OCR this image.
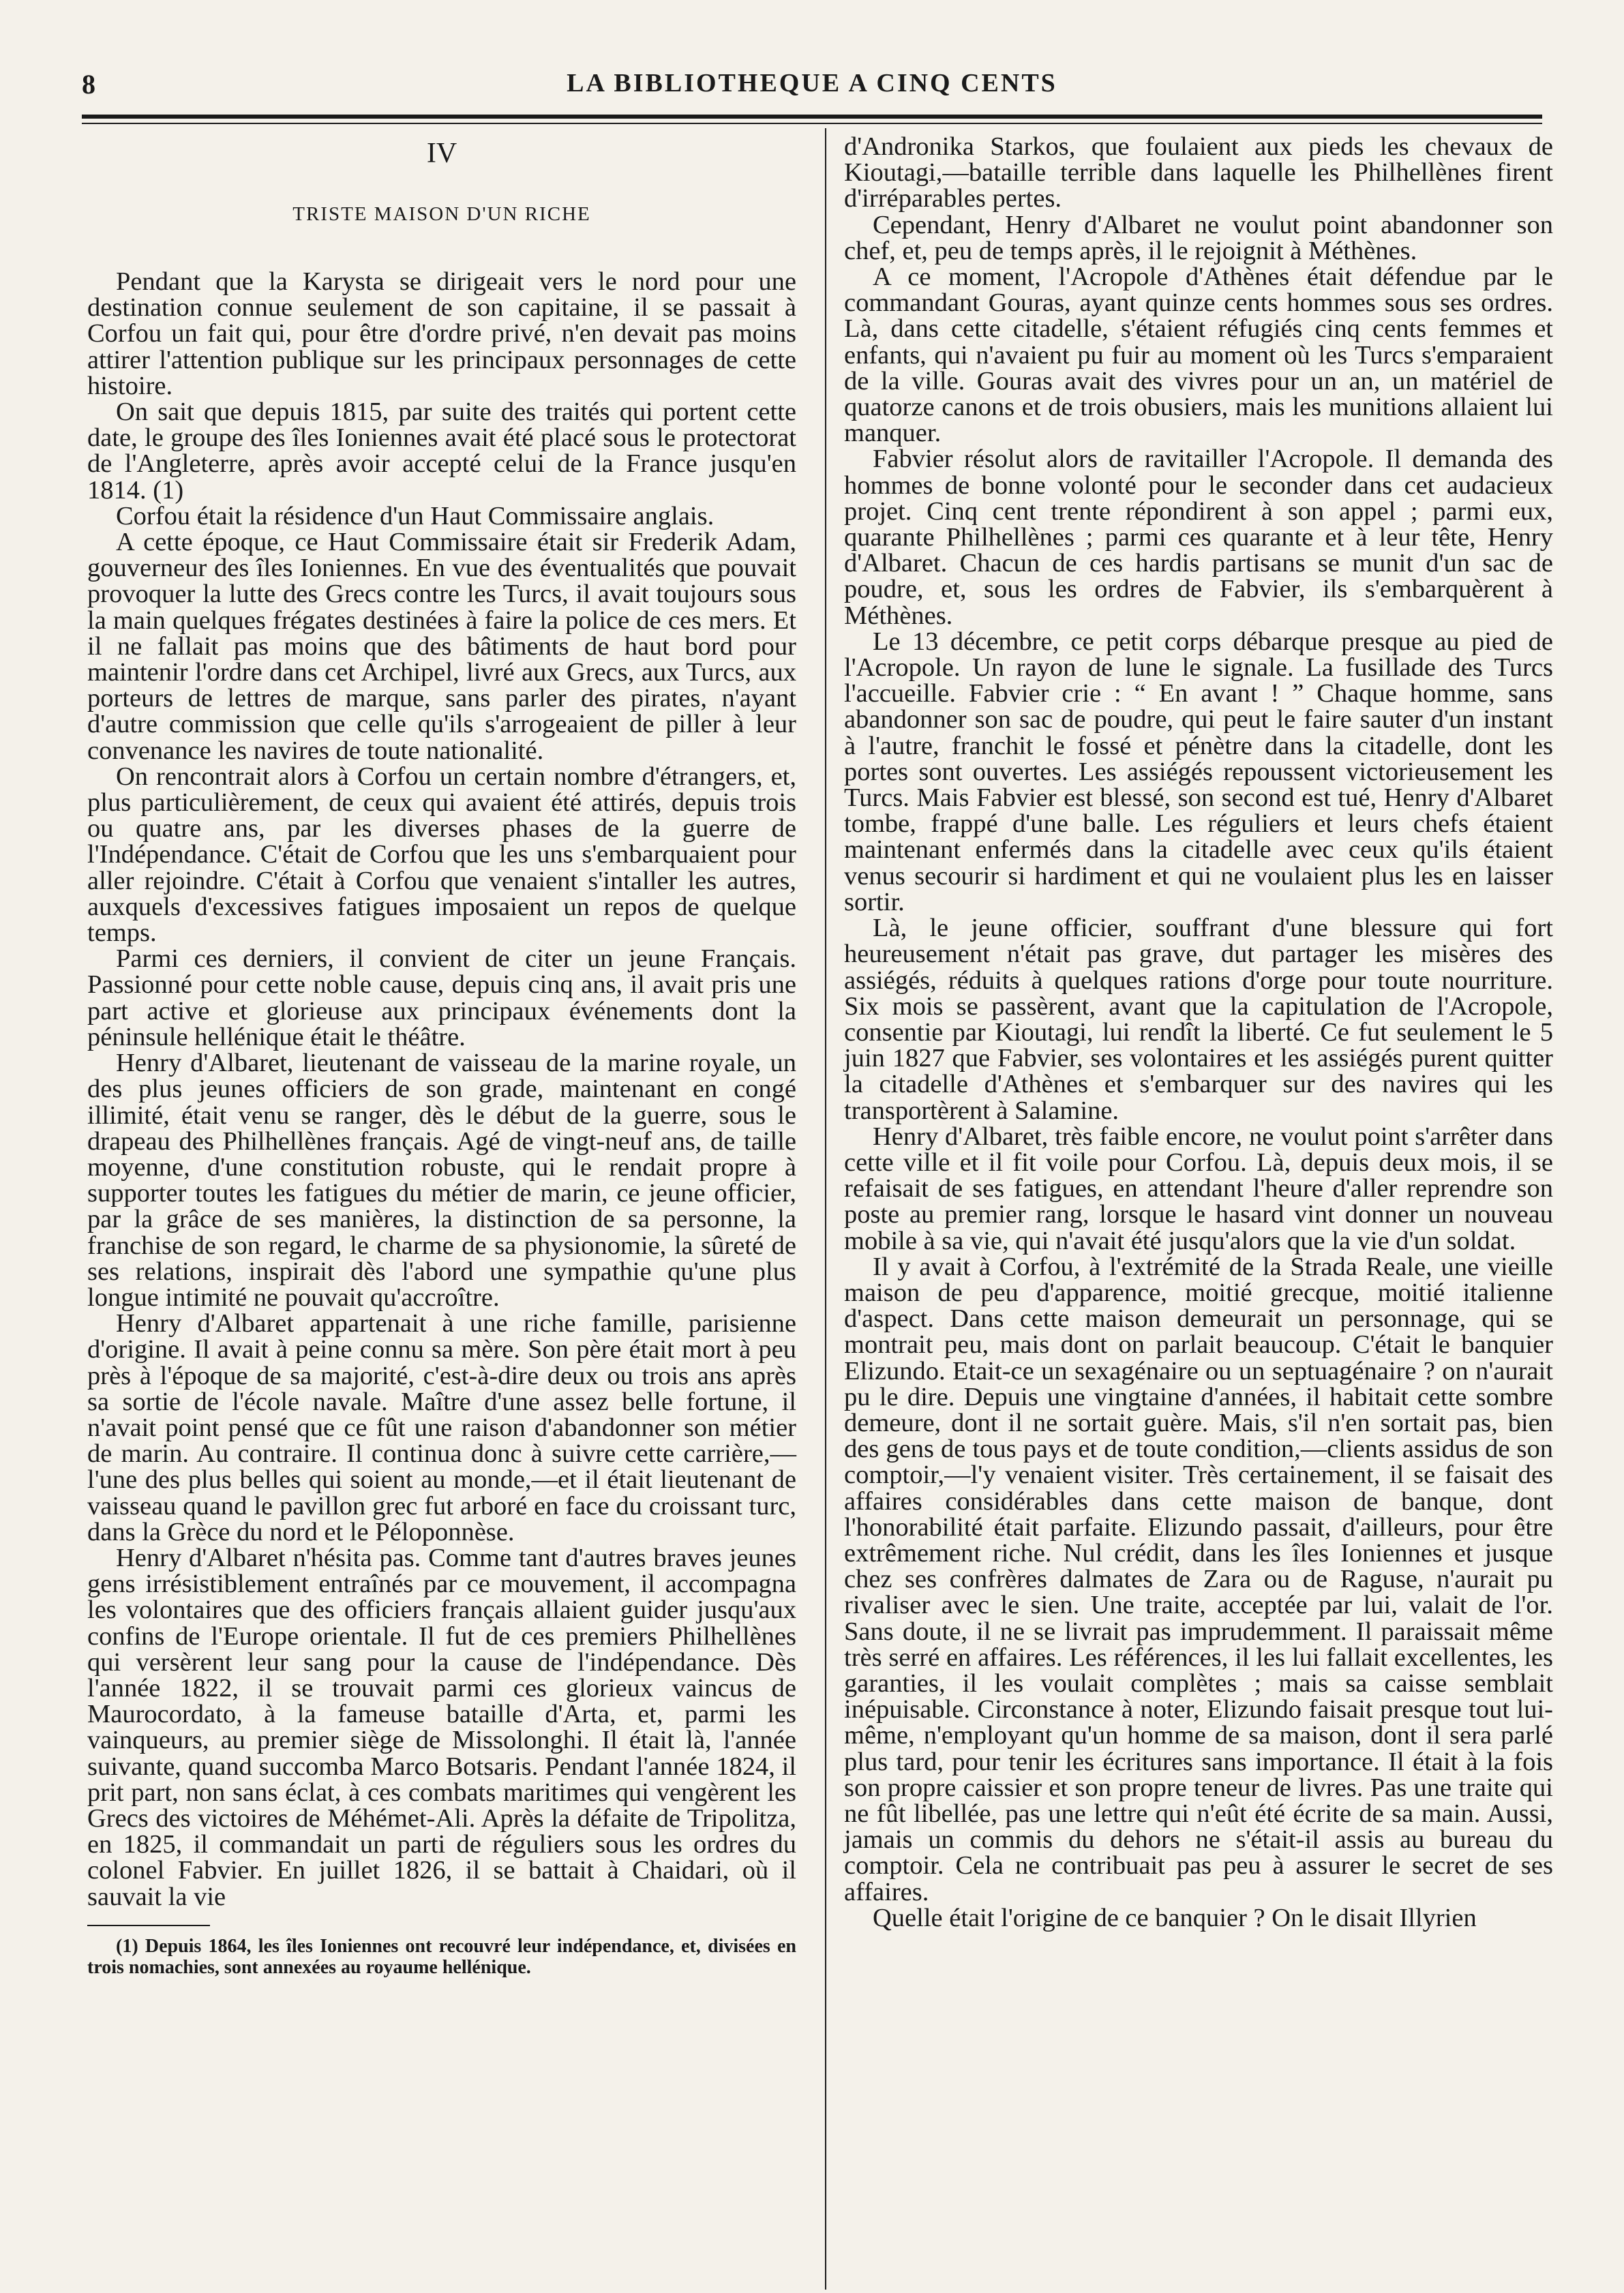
8	LA BIBLIOTHEQUE A CINQ CENTS
IV
TRISTE MAISON D'UN RICHE

Pendant que la Karysta se dirigeait vers le nord pour une destination connue seulement de son capitaine, il se passait à Corfou un fait qui, pour être d'ordre privé, n'en devait pas moins attirer l'attention publique sur les principaux personnages de cette histoire.

On sait que depuis 1815, par suite des traités qui portent cette date, le groupe des îles Ioniennes avait été placé sous le protectorat de l'Angleterre, après avoir accepté celui de la France jusqu'en 1814. (1)

Corfou était la résidence d'un Haut Commissaire anglais.

A cette époque, ce Haut Commissaire était sir Frederik Adam, gouverneur des îles Ioniennes. En vue des éventualités que pouvait provoquer la lutte des Grecs contre les Turcs, il avait toujours sous la main quelques frégates destinées à faire la police de ces mers. Et il ne fallait pas moins que des bâtiments de haut bord pour maintenir l'ordre dans cet Archipel, livré aux Grecs, aux Turcs, aux porteurs de lettres de marque, sans parler des pirates, n'ayant d'autre commission que celle qu'ils s'arrogeaient de piller à leur convenance les navires de toute nationalité.

On rencontrait alors à Corfou un certain nombre d'étrangers, et, plus particulièrement, de ceux qui avaient été attirés, depuis trois ou quatre ans, par les diverses phases de la guerre de l'Indépendance. C'était de Corfou que les uns s'embarquaient pour aller rejoindre. C'était à Corfou que venaient s'intaller les autres, auxquels d'excessives fatigues imposaient un repos de quelque temps.

Parmi ces derniers, il convient de citer un jeune Français. Passionné pour cette noble cause, depuis cinq ans, il avait pris une part active et glorieuse aux principaux événements dont la péninsule hellénique était le théâtre.

Henry d'Albaret, lieutenant de vaisseau de la marine royale, un des plus jeunes officiers de son grade, maintenant en congé illimité, était venu se ranger, dès le début de la guerre, sous le drapeau des Philhellènes français. Agé de vingt-neuf ans, de taille moyenne, d'une constitution robuste, qui le rendait propre à supporter toutes les fatigues du métier de marin, ce jeune officier, par la grâce de ses manières, la distinction de sa personne, la franchise de son regard, le charme de sa physionomie, la sûreté de ses relations, inspirait dès l'abord une sympathie qu'une plus longue intimité ne pouvait qu'accroître.

Henry d'Albaret appartenait à une riche famille, parisienne d'origine. Il avait à peine connu sa mère. Son père était mort à peu près à l'époque de sa majorité, c'est-à-dire deux ou trois ans après sa sortie de l'école navale. Maître d'une assez belle fortune, il n'avait point pensé que ce fût une raison d'abandonner son métier de marin. Au contraire. Il continua donc à suivre cette carrière,—l'une des plus belles qui soient au monde,—et il était lieutenant de vaisseau quand le pavillon grec fut arboré en face du croissant turc, dans la Grèce du nord et le Péloponnèse.

Henry d'Albaret n'hésita pas. Comme tant d'autres braves jeunes gens irrésistiblement entraînés par ce mouvement, il accompagna les volontaires que des officiers français allaient guider jusqu'aux confins de l'Europe orientale. Il fut de ces premiers Philhellènes qui versèrent leur sang pour la cause de l'indépendance. Dès l'année 1822, il se trouvait parmi ces glorieux vaincus de Maurocordato, à la fameuse bataille d'Arta, et, parmi les vainqueurs, au premier siège de Missolonghi. Il était là, l'année suivante, quand succomba Marco Botsaris. Pendant l'année 1824, il prit part, non sans éclat, à ces combats maritimes qui vengèrent les Grecs des victoires de Méhémet-Ali. Après la défaite de Tripolitza, en 1825, il commandait un parti de réguliers sous les ordres du colonel Fabvier. En juillet 1826, il se battait à Chaidari, où il sauvait la vie

(1) Depuis 1864, les îles Ioniennes ont recouvré leur indépendance, et, divisées en trois nomachies, sont annexées au royaume hellénique.

d'Andronika Starkos, que foulaient aux pieds les chevaux de Kioutagi,—bataille terrible dans laquelle les Philhellènes firent d'irréparables pertes.

Cependant, Henry d'Albaret ne voulut point abandonner son chef, et, peu de temps après, il le rejoignit à Méthènes.

A ce moment, l'Acropole d'Athènes était défendue par le commandant Gouras, ayant quinze cents hommes sous ses ordres. Là, dans cette citadelle, s'étaient réfugiés cinq cents femmes et enfants, qui n'avaient pu fuir au moment où les Turcs s'emparaient de la ville. Gouras avait des vivres pour un an, un matériel de quatorze canons et de trois obusiers, mais les munitions allaient lui manquer.

Fabvier résolut alors de ravitailler l'Acropole. Il demanda des hommes de bonne volonté pour le seconder dans cet audacieux projet. Cinq cent trente répondirent à son appel ; parmi eux, quarante Philhellènes ; parmi ces quarante et à leur tête, Henry d'Albaret. Chacun de ces hardis partisans se munit d'un sac de poudre, et, sous les ordres de Fabvier, ils s'embarquèrent à Méthènes.

Le 13 décembre, ce petit corps débarque presque au pied de l'Acropole. Un rayon de lune le signale. La fusillade des Turcs l'accueille. Fabvier crie : “ En avant ! ” Chaque homme, sans abandonner son sac de poudre, qui peut le faire sauter d'un instant à l'autre, franchit le fossé et pénètre dans la citadelle, dont les portes sont ouvertes. Les assiégés repoussent victorieusement les Turcs. Mais Fabvier est blessé, son second est tué, Henry d'Albaret tombe, frappé d'une balle. Les réguliers et leurs chefs étaient maintenant enfermés dans la citadelle avec ceux qu'ils étaient venus secourir si hardiment et qui ne voulaient plus les en laisser sortir.

Là, le jeune officier, souffrant d'une blessure qui fort heureusement n'était pas grave, dut partager les misères des assiégés, réduits à quelques rations d'orge pour toute nourriture. Six mois se passèrent, avant que la capitulation de l'Acropole, consentie par Kioutagi, lui rendît la liberté. Ce fut seulement le 5 juin 1827 que Fabvier, ses volontaires et les assiégés purent quitter la citadelle d'Athènes et s'embarquer sur des navires qui les transportèrent à Salamine.

Henry d'Albaret, très faible encore, ne voulut point s'arrêter dans cette ville et il fit voile pour Corfou. Là, depuis deux mois, il se refaisait de ses fatigues, en attendant l'heure d'aller reprendre son poste au premier rang, lorsque le hasard vint donner un nouveau mobile à sa vie, qui n'avait été jusqu'alors que la vie d'un soldat.

Il y avait à Corfou, à l'extrémité de la Strada Reale, une vieille maison de peu d'apparence, moitié grecque, moitié italienne d'aspect. Dans cette maison demeurait un personnage, qui se montrait peu, mais dont on parlait beaucoup. C'était le banquier Elizundo. Etait-ce un sexagénaire ou un septuagénaire ? on n'aurait pu le dire. Depuis une vingtaine d'années, il habitait cette sombre demeure, dont il ne sortait guère. Mais, s'il n'en sortait pas, bien des gens de tous pays et de toute condition,—clients assidus de son comptoir,—l'y venaient visiter. Très certainement, il se faisait des affaires considérables dans cette maison de banque, dont l'honorabilité était parfaite. Elizundo passait, d'ailleurs, pour être extrêmement riche. Nul crédit, dans les îles Ioniennes et jusque chez ses confrères dalmates de Zara ou de Raguse, n'aurait pu rivaliser avec le sien. Une traite, acceptée par lui, valait de l'or. Sans doute, il ne se livrait pas imprudemment. Il paraissait même très serré en affaires. Les références, il les lui fallait excellentes, les garanties, il les voulait complètes ; mais sa caisse semblait inépuisable. Circonstance à noter, Elizundo faisait presque tout lui-même, n'employant qu'un homme de sa maison, dont il sera parlé plus tard, pour tenir les écritures sans importance. Il était à la fois son propre caissier et son propre teneur de livres. Pas une traite qui ne fût libellée, pas une lettre qui n'eût été écrite de sa main. Aussi, jamais un commis du dehors ne s'était-il assis au bureau du comptoir. Cela ne contribuait pas peu à assurer le secret de ses affaires.

Quelle était l'origine de ce banquier ? On le disait Illyrien
